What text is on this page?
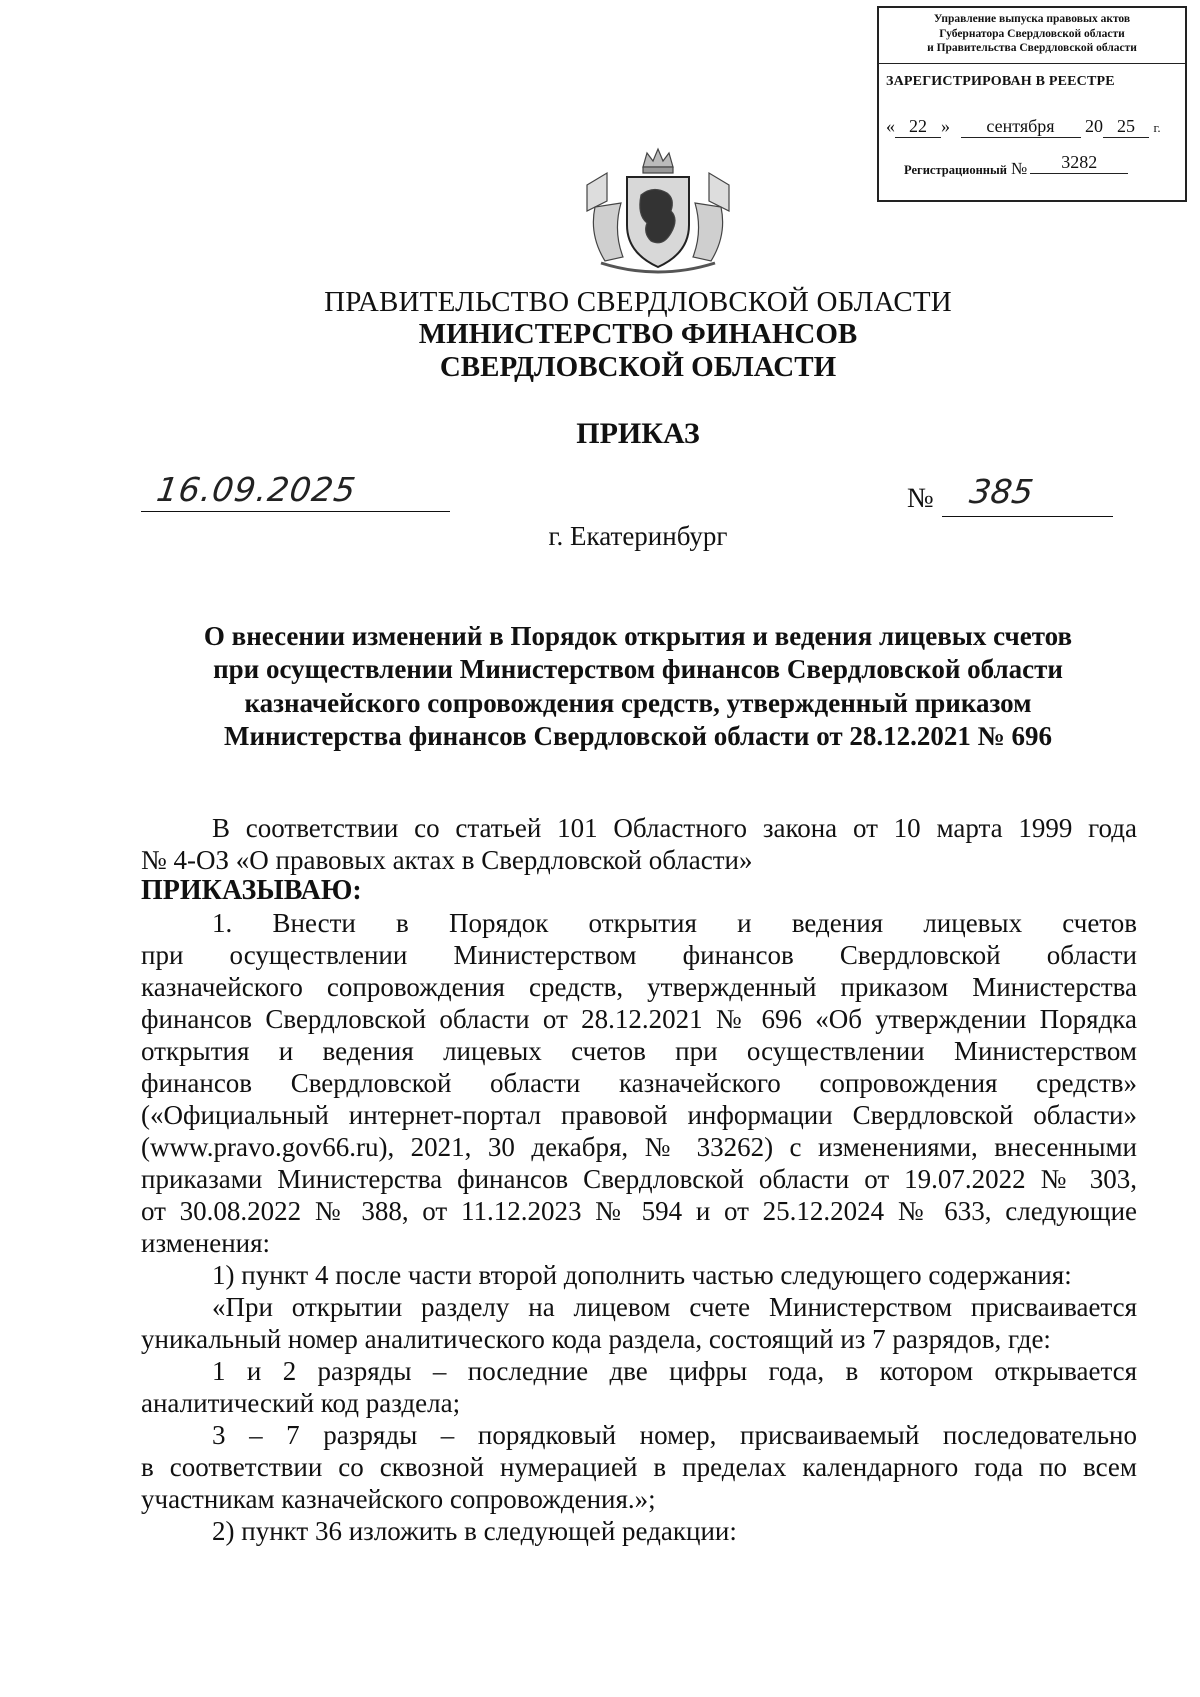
Управление выпуска правовых актов
Губернатора Свердловской области
и Правительства Свердловской области
ЗАРЕГИСТРИРОВАН В РЕЕСТРЕ
« 22 » сентября 20 25 г.
Регистрационный № 3282
ПРАВИТЕЛЬСТВО СВЕРДЛОВСКОЙ ОБЛАСТИ
МИНИСТЕРСТВО ФИНАНСОВ
СВЕРДЛОВСКОЙ ОБЛАСТИ
ПРИКАЗ
16.09.2025	№ 385
г. Екатеринбург
О внесении изменений в Порядок открытия и ведения лицевых счетов
при осуществлении Министерством финансов Свердловской области
казначейского сопровождения средств, утвержденный приказом
Министерства финансов Свердловской области от 28.12.2021 № 696
В соответствии со статьей 101 Областного закона от 10 марта 1999 года
№ 4-ОЗ «О правовых актах в Свердловской области»
ПРИКАЗЫВАЮ:
1. Внести в Порядок открытия и ведения лицевых счетов
при осуществлении Министерством финансов Свердловской области
казначейского сопровождения средств, утвержденный приказом Министерства
финансов Свердловской области от 28.12.2021 № 696 «Об утверждении Порядка
открытия и ведения лицевых счетов при осуществлении Министерством
финансов Свердловской области казначейского сопровождения средств»
(«Официальный интернет-портал правовой информации Свердловской области»
(www.pravo.gov66.ru), 2021, 30 декабря, № 33262) с изменениями, внесенными
приказами Министерства финансов Свердловской области от 19.07.2022 № 303,
от 30.08.2022 № 388, от 11.12.2023 № 594 и от 25.12.2024 № 633, следующие
изменения:
1) пункт 4 после части второй дополнить частью следующего содержания:
«При открытии разделу на лицевом счете Министерством присваивается
уникальный номер аналитического кода раздела, состоящий из 7 разрядов, где:
1 и 2 разряды – последние две цифры года, в котором открывается
аналитический код раздела;
3 – 7 разряды – порядковый номер, присваиваемый последовательно
в соответствии со сквозной нумерацией в пределах календарного года по всем
участникам казначейского сопровождения.»;
2) пункт 36 изложить в следующей редакции:
